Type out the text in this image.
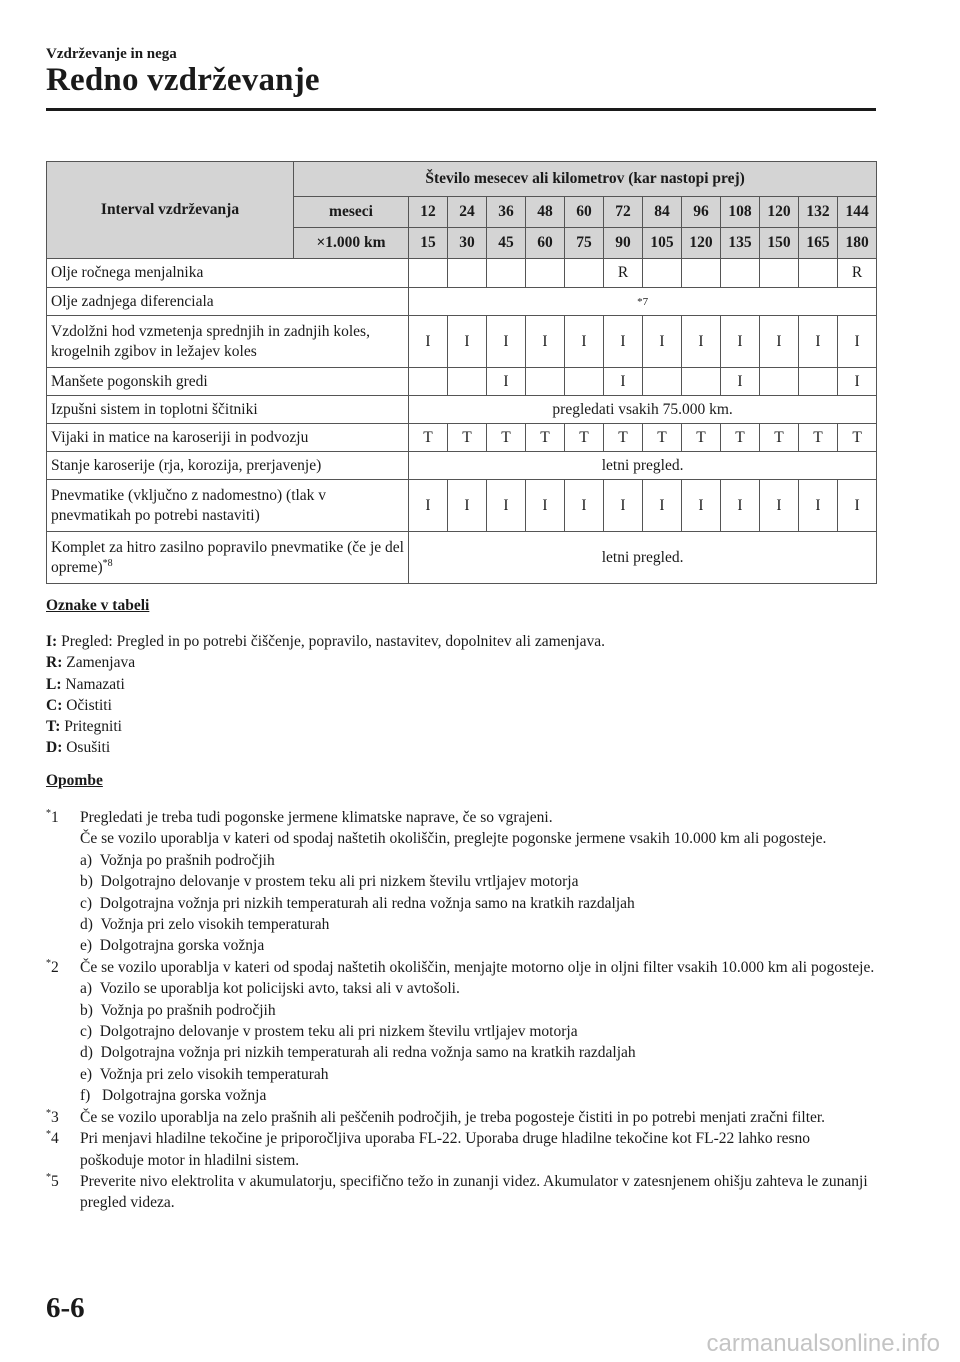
Vzdrževanje in nega
Redno vzdrževanje
Interval vzdrževanja	Število mesecev ali kilometrov (kar nastopi prej)												
	meseci	12	24	36	48	60	72	84	96	108	120	132	144
	×1.000 km	15	30	45	60	75	90	105	120	135	150	165	180
Olje ročnega menjalnika							R						R
Olje zadnjega diferenciala		*7											
Vzdolžni hod vzmetenja sprednjih in zadnjih koles, krogelnih zgibov in ležajev koles		I	I	I	I	I	I	I	I	I	I	I	I
Manšete pogonskih gredi				I			I			I			I
Izpušni sistem in toplotni ščitniki		pregledati vsakih 75.000 km.											
Vijaki in matice na karoseriji in podvozju		T	T	T	T	T	T	T	T	T	T	T	T
Stanje karoserije (rja, korozija, prerjavenje)		letni pregled.											
Pnevmatike (vključno z nadomestno) (tlak v pnevmatikah po potrebi nastaviti)		I	I	I	I	I	I	I	I	I	I	I	I
Komplet za hitro zasilno popravilo pnevmatike (če je del opreme)$^{*8}$		letni pregled.											
Oznake v tabeli
I: Pregled: Pregled in po potrebi čiščenje, popravilo, nastavitev, dopolnitev ali zamenjava.
R: Zamenjava
L: Namazati
C: Očistiti
T: Pritegniti
D: Osušiti
Opombe
*1 Pregledati je treba tudi pogonske jermene klimatske naprave, če so vgrajeni.
Če se vozilo uporablja v kateri od spodaj naštetih okoliščin, preglejte pogonske jermene vsakih 10.000 km ali pogosteje.
a)  Vožnja po prašnih področjih
b)  Dolgotrajno delovanje v prostem teku ali pri nizkem številu vrtljajev motorja
c)  Dolgotrajna vožnja pri nizkih temperaturah ali redna vožnja samo na kratkih razdaljah
d)  Vožnja pri zelo visokih temperaturah
e)  Dolgotrajna gorska vožnja
*2 Če se vozilo uporablja v kateri od spodaj naštetih okoliščin, menjajte motorno olje in oljni filter vsakih 10.000 km ali pogosteje.
a)  Vozilo se uporablja kot policijski avto, taksi ali v avtošoli.
b)  Vožnja po prašnih področjih
c)  Dolgotrajno delovanje v prostem teku ali pri nizkem številu vrtljajev motorja
d)  Dolgotrajna vožnja pri nizkih temperaturah ali redna vožnja samo na kratkih razdaljah
e)  Vožnja pri zelo visokih temperaturah
f)   Dolgotrajna gorska vožnja
*3 Če se vozilo uporablja na zelo prašnih ali peščenih področjih, je treba pogosteje čistiti in po potrebi menjati zračni filter.
*4 Pri menjavi hladilne tekočine je priporočljiva uporaba FL-22. Uporaba druge hladilne tekočine kot FL-22 lahko resno poškoduje motor in hladilni sistem.
*5 Preverite nivo elektrolita v akumulatorju, specifično težo in zunanji videz. Akumulator v zatesnjenem ohišju zahteva le zunanji pregled videza.
6-6
carmanualsonline.info
